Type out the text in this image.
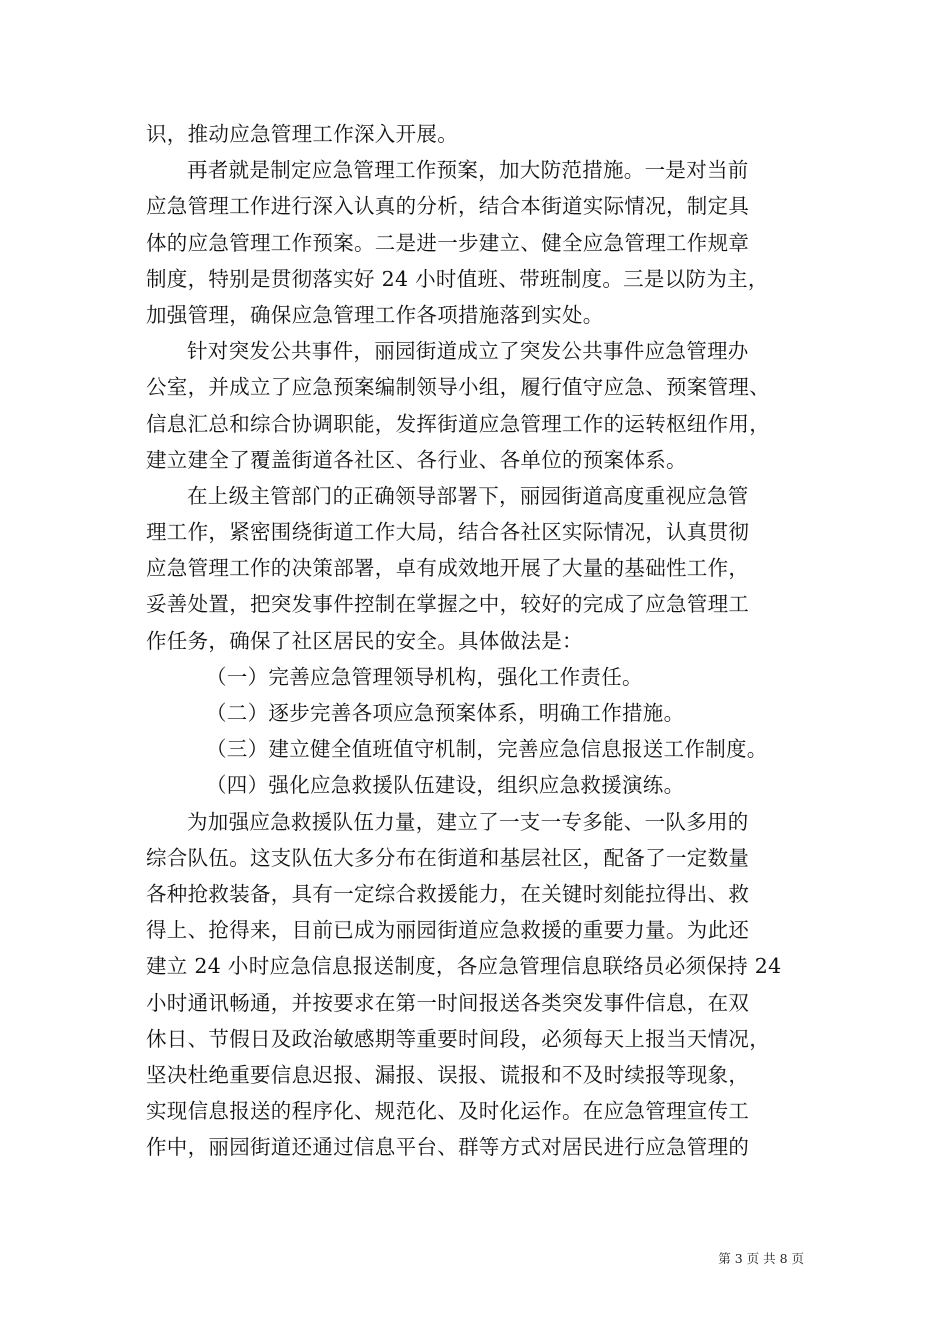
识，推动应急管理工作深入开展。
再者就是制定应急管理工作预案，加大防范措施。一是对当前
应急管理工作进行深入认真的分析，结合本街道实际情况，制定具
体的应急管理工作预案。二是进一步建立、健全应急管理工作规章
制度，特别是贯彻落实好 24 小时值班、带班制度。三是以防为主，
加强管理，确保应急管理工作各项措施落到实处。
针对突发公共事件，丽园街道成立了突发公共事件应急管理办
公室，并成立了应急预案编制领导小组，履行值守应急、预案管理、
信息汇总和综合协调职能，发挥街道应急管理工作的运转枢纽作用，
建立建全了覆盖街道各社区、各行业、各单位的预案体系。
在上级主管部门的正确领导部署下，丽园街道高度重视应急管
理工作，紧密围绕街道工作大局，结合各社区实际情况，认真贯彻
应急管理工作的决策部署，卓有成效地开展了大量的基础性工作，
妥善处置，把突发事件控制在掌握之中，较好的完成了应急管理工
作任务，确保了社区居民的安全。具体做法是：
（一）完善应急管理领导机构，强化工作责任。
（二）逐步完善各项应急预案体系，明确工作措施。
（三）建立健全值班值守机制，完善应急信息报送工作制度。
（四）强化应急救援队伍建设，组织应急救援演练。
为加强应急救援队伍力量，建立了一支一专多能、一队多用的
综合队伍。这支队伍大多分布在街道和基层社区，配备了一定数量
各种抢救装备，具有一定综合救援能力，在关键时刻能拉得出、救
得上、抢得来，目前已成为丽园街道应急救援的重要力量。为此还
建立 24 小时应急信息报送制度，各应急管理信息联络员必须保持 24
小时通讯畅通，并按要求在第一时间报送各类突发事件信息，在双
休日、节假日及政治敏感期等重要时间段，必须每天上报当天情况，
坚决杜绝重要信息迟报、漏报、误报、谎报和不及时续报等现象，
实现信息报送的程序化、规范化、及时化运作。在应急管理宣传工
作中，丽园街道还通过信息平台、群等方式对居民进行应急管理的
第 3 页 共 8 页
